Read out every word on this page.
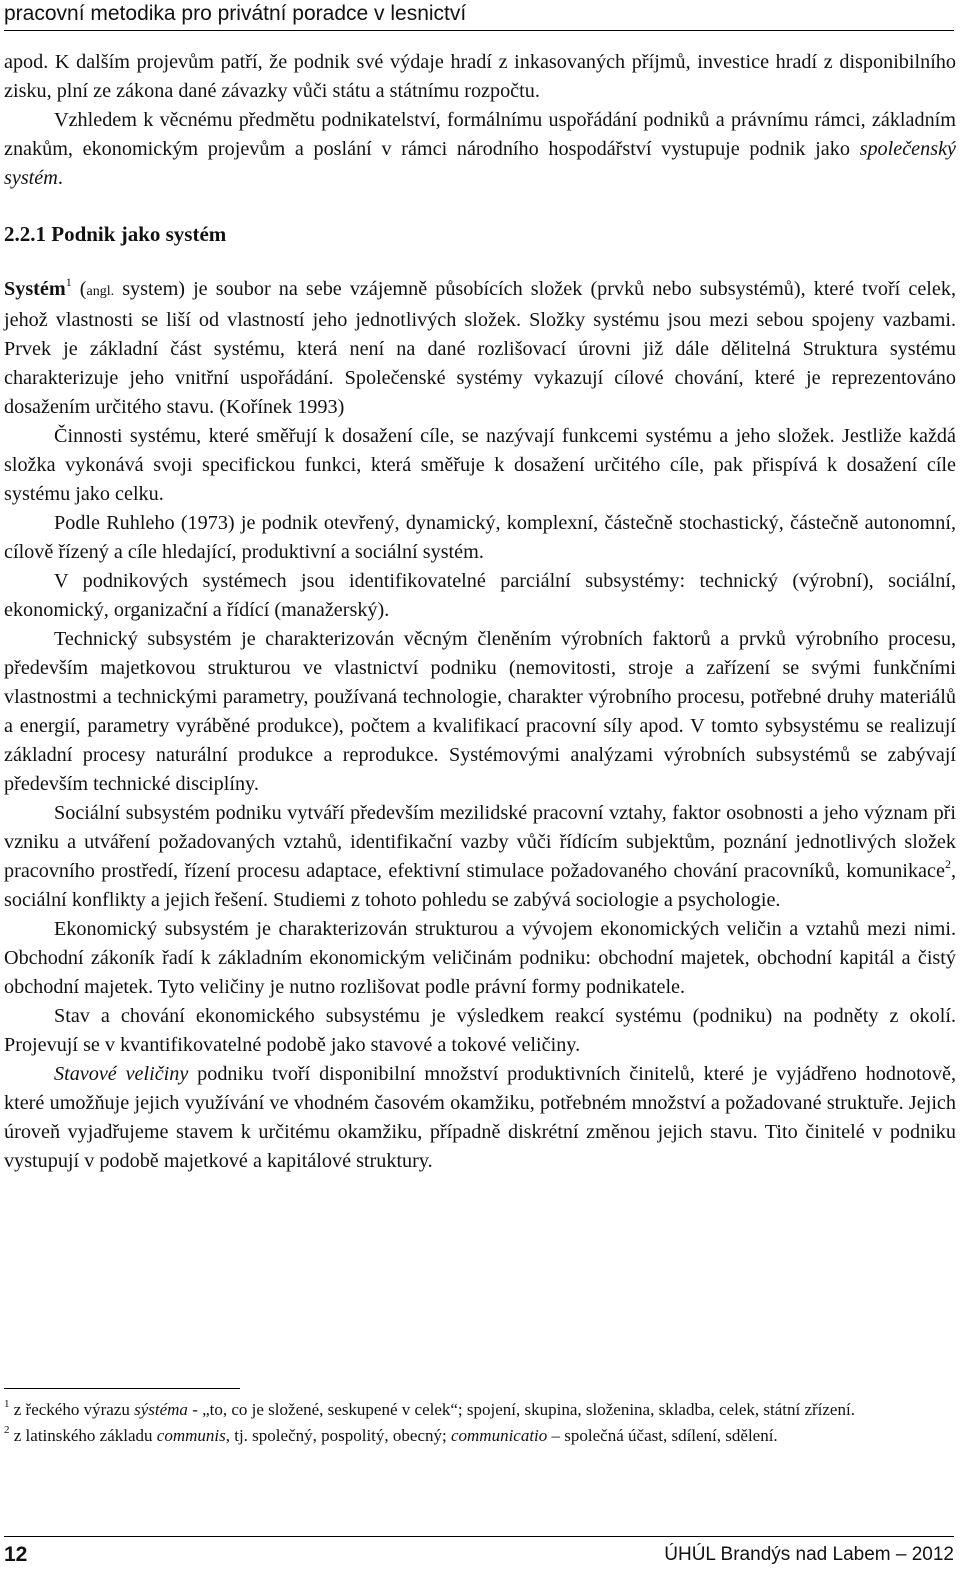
pracovní metodika pro privátní poradce v lesnictví

apod. K dalším projevům patří, že podnik své výdaje hradí z inkasovaných příjmů, investice hradí z disponibilního zisku, plní ze zákona dané závazky vůči státu a státnímu rozpočtu.

Vzhledem k věcnému předmětu podnikatelství, formálnímu uspořádání podniků a právnímu rámci, základním znakům, ekonomickým projevům a poslání v rámci národního hospodářství vystupuje podnik jako společenský systém.

2.2.1 Podnik jako systém

Systém$^1$ (angl. system) je soubor na sebe vzájemně působících složek (prvků nebo subsystémů), které tvoří celek, jehož vlastnosti se liší od vlastností jeho jednotlivých složek. Složky systému jsou mezi sebou spojeny vazbami. Prvek je základní část systému, která není na dané rozlišovací úrovni již dále dělitelná Struktura systému charakterizuje jeho vnitřní uspořádání. Společenské systémy vykazují cílové chování, které je reprezentováno dosažením určitého stavu. (Kořínek 1993)

Činnosti systému, které směřují k dosažení cíle, se nazývají funkcemi systému a jeho složek. Jestliže každá složka vykonává svoji specifickou funkci, která směřuje k dosažení určitého cíle, pak přispívá k dosažení cíle systému jako celku.

Podle Ruhleho (1973) je podnik otevřený, dynamický, komplexní, částečně stochastický, částečně autonomní, cílově řízený a cíle hledající, produktivní a sociální systém.

V podnikových systémech jsou identifikovatelné parciální subsystémy: technický (výrobní), sociální, ekonomický, organizační a řídící (manažerský).

Technický subsystém je charakterizován věcným členěním výrobních faktorů a prvků výrobního procesu, především majetkovou strukturou ve vlastnictví podniku (nemovitosti, stroje a zařízení se svými funkčními vlastnostmi a technickými parametry, používaná technologie, charakter výrobního procesu, potřebné druhy materiálů a energií, parametry vyráběné produkce), počtem a kvalifikací pracovní síly apod. V tomto sybsystému se realizují základní procesy naturální produkce a reprodukce. Systémovými analýzami výrobních subsystémů se zabývají především technické disciplíny.

Sociální subsystém podniku vytváří především mezilidské pracovní vztahy, faktor osobnosti a jeho význam při vzniku a utváření požadovaných vztahů, identifikační vazby vůči řídícím subjektům, poznání jednotlivých složek pracovního prostředí, řízení procesu adaptace, efektivní stimulace požadovaného chování pracovníků, komunikace$^2$, sociální konflikty a jejich řešení. Studiemi z tohoto pohledu se zabývá sociologie a psychologie.

Ekonomický subsystém je charakterizován strukturou a vývojem ekonomických veličin a vztahů mezi nimi. Obchodní zákoník řadí k základním ekonomickým veličinám podniku: obchodní majetek, obchodní kapitál a čistý obchodní majetek. Tyto veličiny je nutno rozlišovat podle právní formy podnikatele.

Stav a chování ekonomického subsystému je výsledkem reakcí systému (podniku) na podněty z okolí. Projevují se v kvantifikovatelné podobě jako stavové a tokové veličiny.

Stavové veličiny podniku tvoří disponibilní množství produktivních činitelů, které je vyjádřeno hodnotově, které umožňuje jejich využívání ve vhodném časovém okamžiku, potřebném množství a požadované struktuře. Jejich úroveň vyjadřujeme stavem k určitému okamžiku, případně diskrétní změnou jejich stavu. Tito činitelé v podniku vystupují v podobě majetkové a kapitálové struktury.

$^1$ z řeckého výrazu sýstéma - „to, co je složené, seskupené v celek“; spojení, skupina, složenina, skladba, celek, státní zřízení.

$^2$ z latinského základu communis, tj. společný, pospolitý, obecný; communicatio – společná účast, sdílení, sdělení.

12	ÚHÚL Brandýs nad Labem – 2012
